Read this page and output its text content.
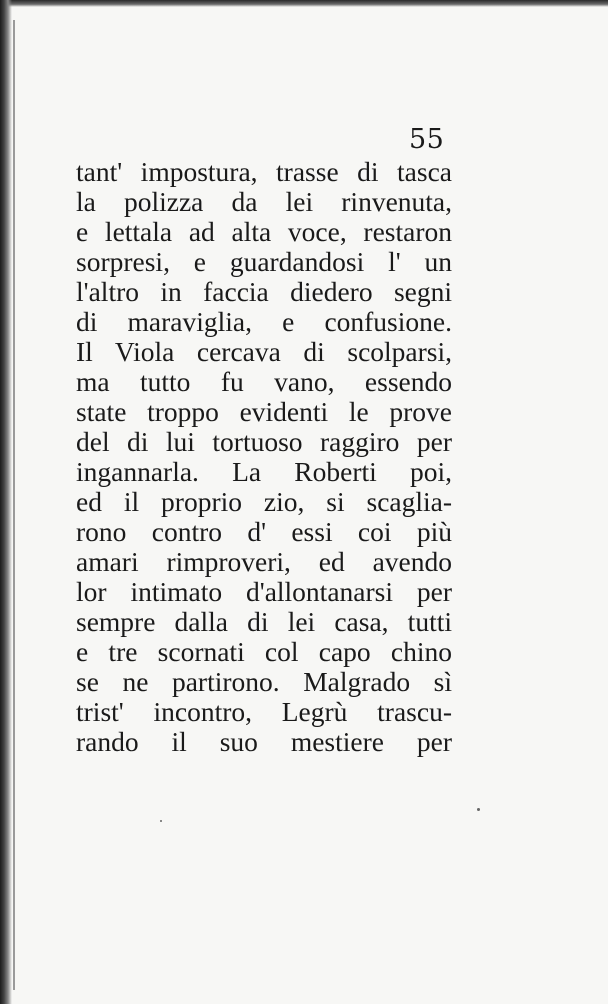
55
tant' impostura, trasse di tasca
la polizza da lei rinvenuta,
e lettala ad alta voce, restaron
sorpresi, e guardandosi l' un
l'altro in faccia diedero segni
di maraviglia, e confusione.
Il Viola cercava di scolparsi,
ma tutto fu vano, essendo
state troppo evidenti le prove
del di lui tortuoso raggiro per
ingannarla. La Roberti poi,
ed il proprio zio, si scaglia-
rono contro d' essi coi più
amari rimproveri, ed avendo
lor intimato d'allontanarsi per
sempre dalla di lei casa, tutti
e tre scornati col capo chino
se ne partirono. Malgrado sì
trist' incontro, Legrù trascu-
rando il suo mestiere per
